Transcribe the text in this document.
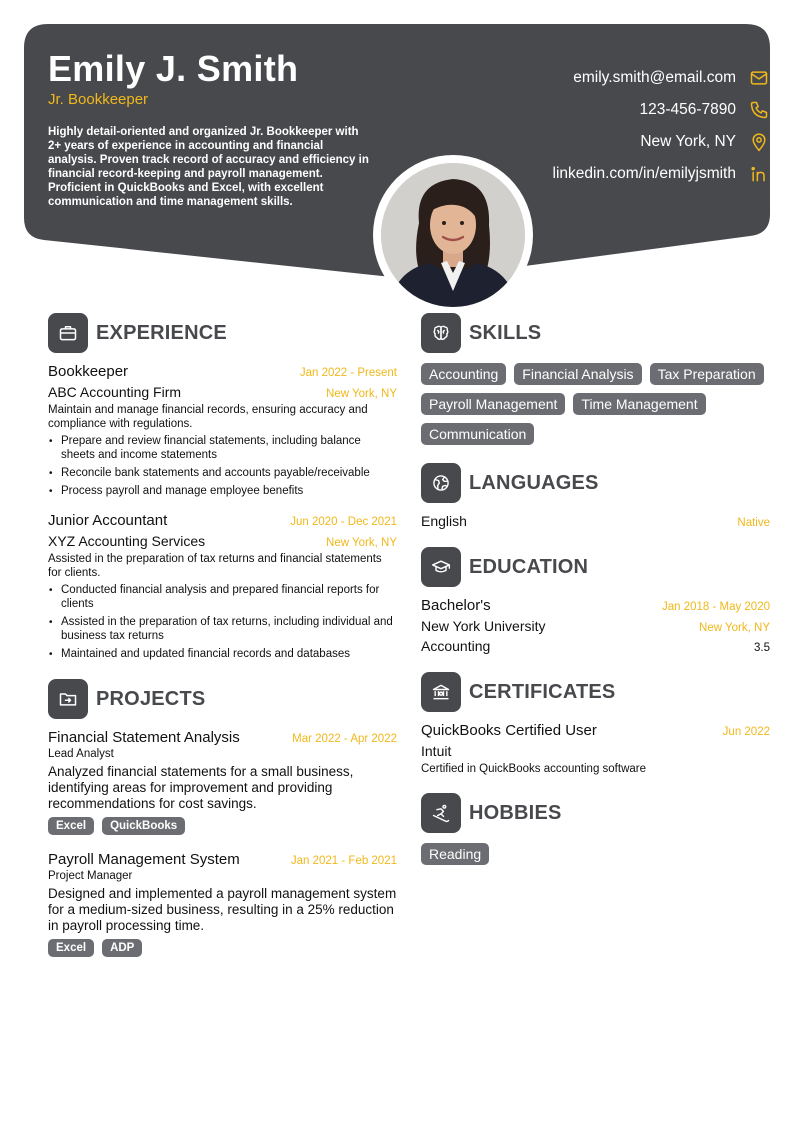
Emily J. Smith
Jr. Bookkeeper
Highly detail-oriented and organized Jr. Bookkeeper with 2+ years of experience in accounting and financial analysis. Proven track record of accuracy and efficiency in financial record-keeping and payroll management. Proficient in QuickBooks and Excel, with excellent communication and time management skills.
emily.smith@email.com
123-456-7890
New York, NY
linkedin.com/in/emilyjsmith
EXPERIENCE
Bookkeeper	Jan 2022 - Present
ABC Accounting Firm	New York, NY
Maintain and manage financial records, ensuring accuracy and compliance with regulations.
• Prepare and review financial statements, including balance sheets and income statements
• Reconcile bank statements and accounts payable/receivable
• Process payroll and manage employee benefits
Junior Accountant	Jun 2020 - Dec 2021
XYZ Accounting Services	New York, NY
Assisted in the preparation of tax returns and financial statements for clients.
• Conducted financial analysis and prepared financial reports for clients
• Assisted in the preparation of tax returns, including individual and business tax returns
• Maintained and updated financial records and databases
PROJECTS
Financial Statement Analysis	Mar 2022 - Apr 2022
Lead Analyst
Analyzed financial statements for a small business, identifying areas for improvement and providing recommendations for cost savings.
Excel	QuickBooks
Payroll Management System	Jan 2021 - Feb 2021
Project Manager
Designed and implemented a payroll management system for a medium-sized business, resulting in a 25% reduction in payroll processing time.
Excel	ADP
SKILLS
Accounting	Financial Analysis	Tax Preparation
Payroll Management	Time Management
Communication
LANGUAGES
English	Native
EDUCATION
Bachelor's	Jan 2018 - May 2020
New York University	New York, NY
Accounting	3.5
CERTIFICATES
QuickBooks Certified User	Jun 2022
Intuit
Certified in QuickBooks accounting software
HOBBIES
Reading
